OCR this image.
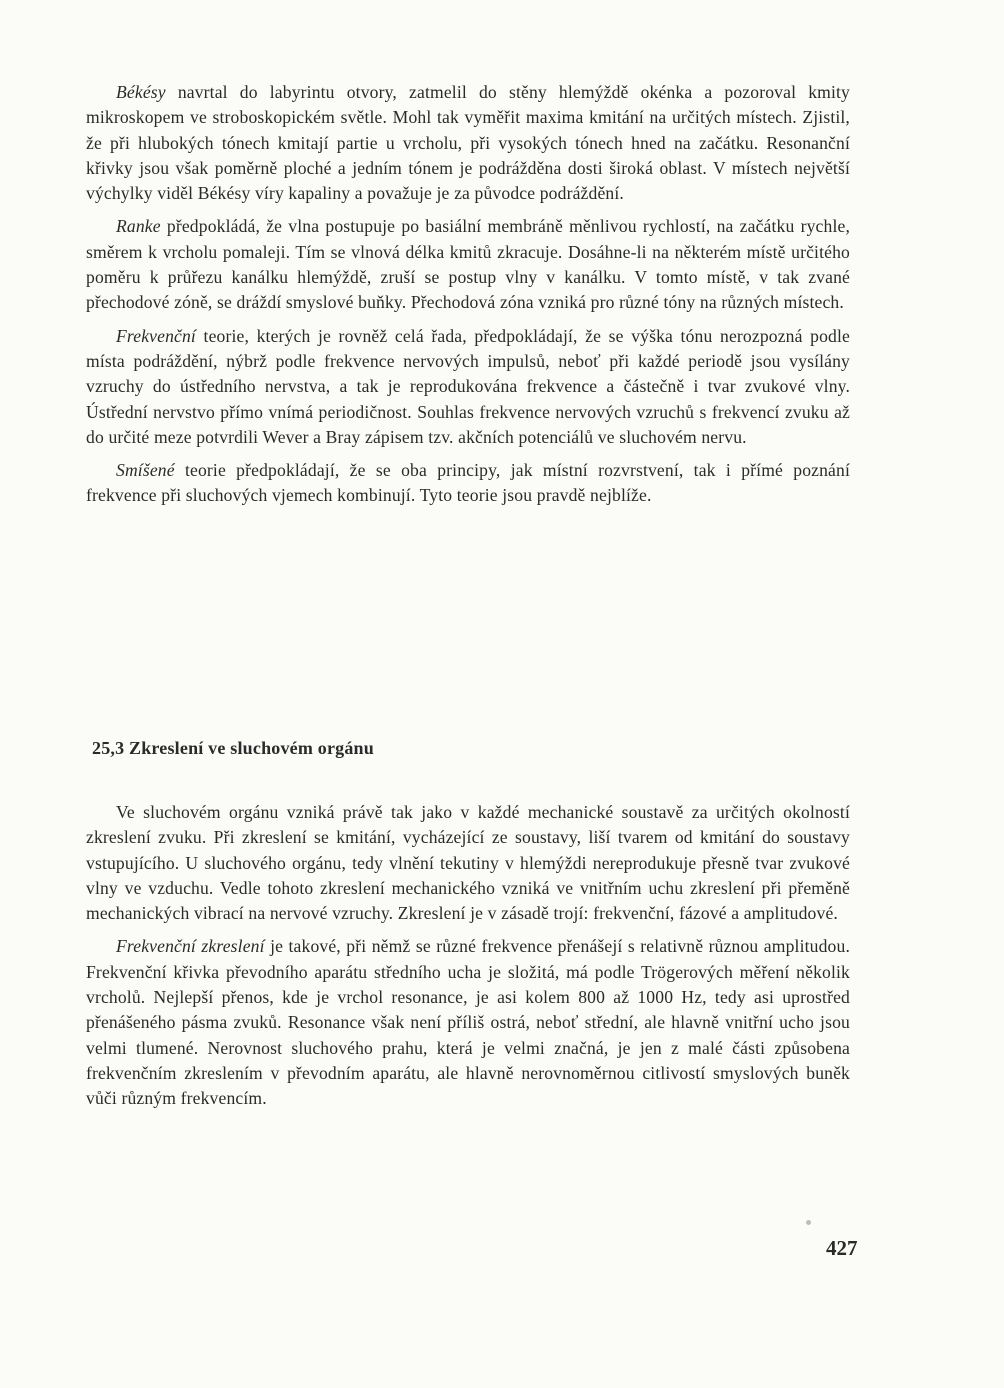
Békésy navrtal do labyrintu otvory, zatmelil do stěny hlemýždě okénka a pozoroval kmity mikroskopem ve stroboskopickém světle. Mohl tak vyměřit maxima kmitání na určitých místech. Zjistil, že při hlubokých tónech kmitají partie u vrcholu, při vysokých tónech hned na začátku. Resonanční křivky jsou však poměrně ploché a jedním tónem je podrážděna dosti široká oblast. V místech největší výchylky viděl Békésy víry kapaliny a považuje je za původce podráždění.

Ranke předpokládá, že vlna postupuje po basiální membráně měnlivou rychlostí, na začátku rychle, směrem k vrcholu pomaleji. Tím se vlnová délka kmitů zkracuje. Dosáhne-li na některém místě určitého poměru k průřezu kanálku hlemýždě, zruší se postup vlny v kanálku. V tomto místě, v tak zvané přechodové zóně, se dráždí smyslové buňky. Přechodová zóna vzniká pro různé tóny na různých místech.

Frekvenční teorie, kterých je rovněž celá řada, předpokládají, že se výška tónu nerozpozná podle místa podráždění, nýbrž podle frekvence nervových impulsů, neboť při každé periodě jsou vysílány vzruchy do ústředního nervstva, a tak je reprodukována frekvence a částečně i tvar zvukové vlny. Ústřední nervstvo přímo vnímá periodičnost. Souhlas frekvence nervových vzruchů s frekvencí zvuku až do určité meze potvrdili Wever a Bray zápisem tzv. akčních potenciálů ve sluchovém nervu.

Smíšené teorie předpokládají, že se oba principy, jak místní rozvrstvení, tak i přímé poznání frekvence při sluchových vjemech kombinují. Tyto teorie jsou pravdě nejblíže.

25,3 Zkreslení ve sluchovém orgánu

Ve sluchovém orgánu vzniká právě tak jako v každé mechanické soustavě za určitých okolností zkreslení zvuku. Při zkreslení se kmitání, vycházející ze soustavy, liší tvarem od kmitání do soustavy vstupujícího. U sluchového orgánu, tedy vlnění tekutiny v hlemýždi nereprodukuje přesně tvar zvukové vlny ve vzduchu. Vedle tohoto zkreslení mechanického vzniká ve vnitřním uchu zkreslení při přeměně mechanických vibrací na nervové vzruchy. Zkreslení je v zásadě trojí: frekvenční, fázové a amplitudové.

Frekvenční zkreslení je takové, při němž se různé frekvence přenášejí s relativně různou amplitudou. Frekvenční křivka převodního aparátu středního ucha je složitá, má podle Trögerových měření několik vrcholů. Nejlepší přenos, kde je vrchol resonance, je asi kolem 800 až 1000 Hz, tedy asi uprostřed přenášeného pásma zvuků. Resonance však není příliš ostrá, neboť střední, ale hlavně vnitřní ucho jsou velmi tlumené. Nerovnost sluchového prahu, která je velmi značná, je jen z malé části způsobena frekvenčním zkreslením v převodním aparátu, ale hlavně nerovnoměrnou citlivostí smyslových buněk vůči různým frekvencím.

427
